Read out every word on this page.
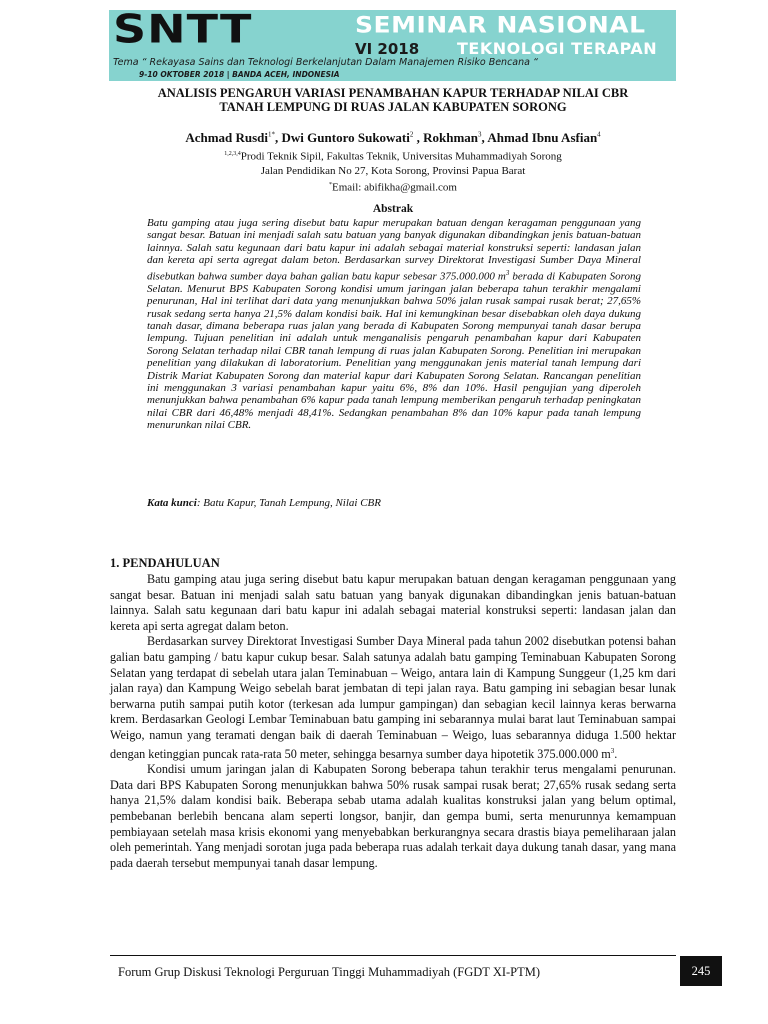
SNTT	SEMINAR NASIONAL
VI 2018 TEKNOLOGI TERAPAN
Tema “ Rekayasa Sains dan Teknologi Berkelanjutan Dalam Manajemen Risiko Bencana “
9-10 OKTOBER 2018 | BANDA ACEH, INDONESIA
ANALISIS PENGARUH VARIASI PENAMBAHAN KAPUR TERHADAP NILAI CBR
TANAH LEMPUNG DI RUAS JALAN KABUPATEN SORONG
Achmad Rusdi$^{1*}$, Dwi Guntoro Sukowati$^2$ , Rokhman$^3$, Ahmad Ibnu Asfian$^4$
$^{1,2,3,4}$Prodi Teknik Sipil, Fakultas Teknik, Universitas Muhammadiyah Sorong
Jalan Pendidikan No 27, Kota Sorong, Provinsi Papua Barat
*Email: abifikha@gmail.com
Abstrak

Batu gamping atau juga sering disebut batu kapur merupakan batuan dengan keragaman penggunaan yang sangat besar. Batuan ini menjadi salah satu batuan yang banyak digunakan dibandingkan jenis batuan-batuan lainnya. Salah satu kegunaan dari batu kapur ini adalah sebagai material konstruksi seperti: landasan jalan dan kereta api serta agregat dalam beton. Berdasarkan survey Direktorat Investigasi Sumber Daya Mineral disebutkan bahwa sumber daya bahan galian batu kapur sebesar 375.000.000 $m^3$ berada di Kabupaten Sorong Selatan. Menurut BPS Kabupaten Sorong kondisi umum jaringan jalan beberapa tahun terakhir mengalami penurunan, Hal ini terlihat dari data yang menunjukkan bahwa 50% jalan rusak sampai rusak berat; 27,65% rusak sedang serta hanya 21,5% dalam kondisi baik. Hal ini kemungkinan besar disebabkan oleh daya dukung tanah dasar, dimana beberapa ruas jalan yang berada di Kabupaten Sorong mempunyai tanah dasar berupa lempung. Tujuan penelitian ini adalah untuk menganalisis pengaruh penambahan kapur dari Kabupaten Sorong Selatan terhadap nilai CBR tanah lempung di ruas jalan Kabupaten Sorong. Penelitian ini merupakan penelitian yang dilakukan di laboratorium. Penelitian yang menggunakan jenis material tanah lempung dari Distrik Mariat Kabupaten Sorong dan material kapur dari Kabupaten Sorong Selatan. Rancangan penelitian ini menggunakan 3 variasi penambahan kapur yaitu 6%, 8% dan 10%. Hasil pengujian yang diperoleh menunjukkan bahwa penambahan 6% kapur pada tanah lempung memberikan pengaruh terhadap peningkatan nilai CBR dari 46,48% menjadi 48,41%. Sedangkan penambahan 8% dan 10% kapur pada tanah lempung menurunkan nilai CBR.

Kata kunci: Batu Kapur, Tanah Lempung, Nilai CBR
1. PENDAHULUAN

Batu gamping atau juga sering disebut batu kapur merupakan batuan dengan keragaman penggunaan yang sangat besar. Batuan ini menjadi salah satu batuan yang banyak digunakan dibandingkan jenis batuan-batuan lainnya. Salah satu kegunaan dari batu kapur ini adalah sebagai material konstruksi seperti: landasan jalan dan kereta api serta agregat dalam beton.

Berdasarkan survey Direktorat Investigasi Sumber Daya Mineral pada tahun 2002 disebutkan potensi bahan galian batu gamping / batu kapur cukup besar. Salah satunya adalah batu gamping Teminabuan Kabupaten Sorong Selatan yang terdapat di sebelah utara jalan Teminabuan – Weigo, antara lain di Kampung Sunggeur (1,25 km dari jalan raya) dan Kampung Weigo sebelah barat jembatan di tepi jalan raya. Batu gamping ini sebagian besar lunak berwarna putih sampai putih kotor (terkesan ada lumpur gampingan) dan sebagian kecil lainnya keras berwarna krem. Berdasarkan Geologi Lembar Teminabuan batu gamping ini sebarannya mulai barat laut Teminabuan sampai Weigo, namun yang teramati dengan baik di daerah Teminabuan – Weigo, luas sebarannya diduga 1.500 hektar dengan ketinggian puncak rata-rata 50 meter, sehingga besarnya sumber daya hipotetik 375.000.000 $m^3$.

Kondisi umum jaringan jalan di Kabupaten Sorong beberapa tahun terakhir terus mengalami penurunan. Data dari BPS Kabupaten Sorong menunjukkan bahwa 50% rusak sampai rusak berat; 27,65% rusak sedang serta hanya 21,5% dalam kondisi baik. Beberapa sebab utama adalah kualitas konstruksi jalan yang belum optimal, pembebanan berlebih bencana alam seperti longsor, banjir, dan gempa bumi, serta menurunnya kemampuan pembiayaan setelah masa krisis ekonomi yang menyebabkan berkurangnya secara drastis biaya pemeliharaan jalan oleh pemerintah. Yang menjadi sorotan juga pada beberapa ruas adalah terkait daya dukung tanah dasar, yang mana pada daerah tersebut mempunyai tanah dasar lempung.

Forum Grup Diskusi Teknologi Perguruan Tinggi Muhammadiyah (FGDT XI-PTM)	245
